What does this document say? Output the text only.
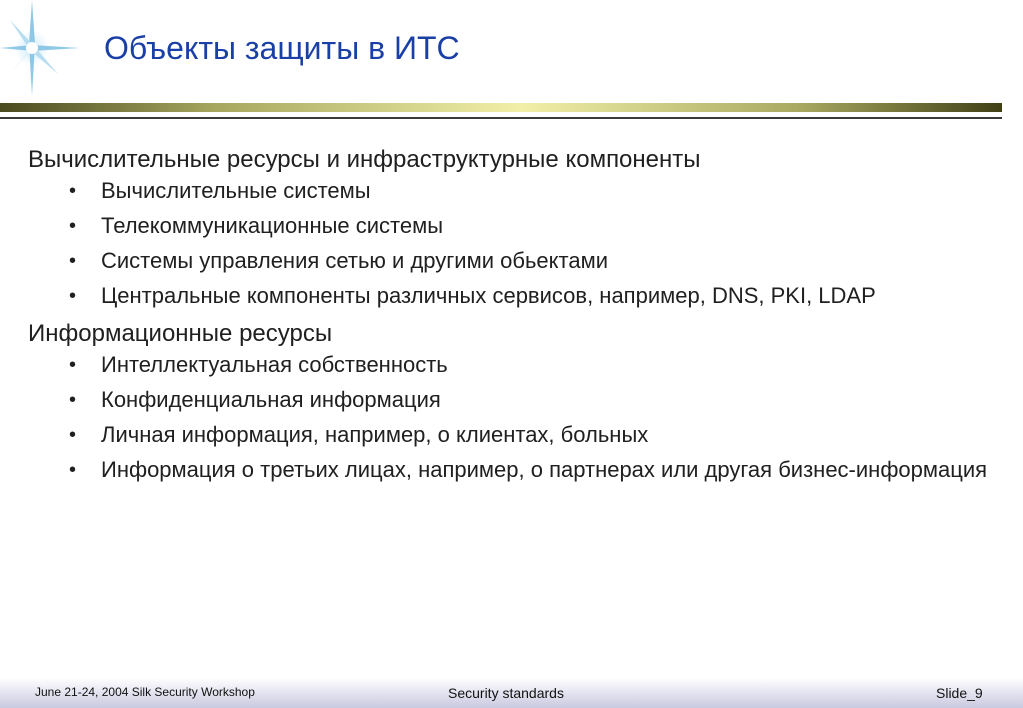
Объекты защиты в ИТС
Вычислительные ресурсы и инфраструктурные компоненты
•	Вычислительные системы
•	Телекоммуникационные системы
•	Системы управления сетью и другими обьектами
•	Центральные компоненты различных сервисов, например, DNS, PKI, LDAP
Информационные ресурсы
•	Интеллектуальная собственность
•	Конфиденциальная информация
•	Личная информация, например, о клиентах, больных
•	Информация о третьих лицах, например, о партнерах или другая бизнес-информация
June 21-24, 2004 Silk Security Workshop	Security standards	Slide_9
